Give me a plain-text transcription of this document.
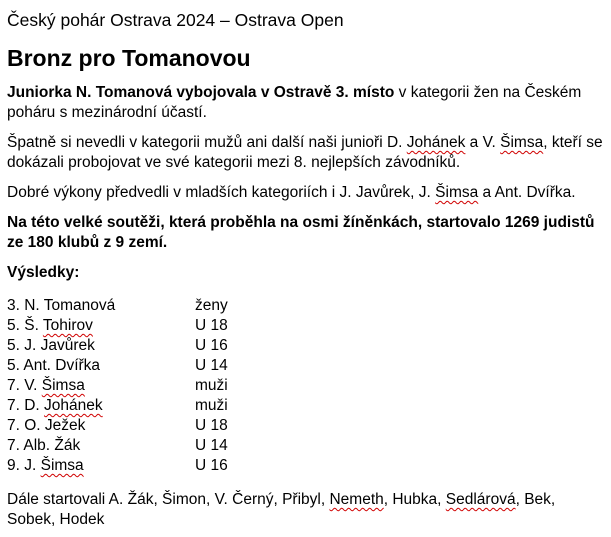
Český pohár Ostrava 2024 – Ostrava Open
Bronz pro Tomanovou

Juniorka N. Tomanová vybojovala v Ostravě 3. místo v kategorii žen na Českém poháru s mezinárodní účastí.

Špatně si nevedli v kategorii mužů ani další naši junioři D. Johánek a V. Šimsa, kteří se dokázali probojovat ve své kategorii mezi 8. nejlepších závodníků.

Dobré výkony předvedli v mladších kategoriích i J. Javůrek, J. Šimsa a Ant. Dvířka.

Na této velké soutěži, která proběhla na osmi žíněnkách, startovalo 1269 judistů ze 180 klubů z 9 zemí.

Výsledky:
3. N. Tomanová	ženy
5. Š. Tohirov	U 18
5. J. Javůrek	U 16
5. Ant. Dvířka	U 14
7. V. Šimsa	muži
7. D. Johánek	muži
7. O. Ježek	U 18
7. Alb. Žák	U 14
9. J. Šimsa	U 16
Dále startovali A. Žák, Šimon, V. Černý, Přibyl, Nemeth, Hubka, Sedlárová, Bek, Sobek, Hodek
